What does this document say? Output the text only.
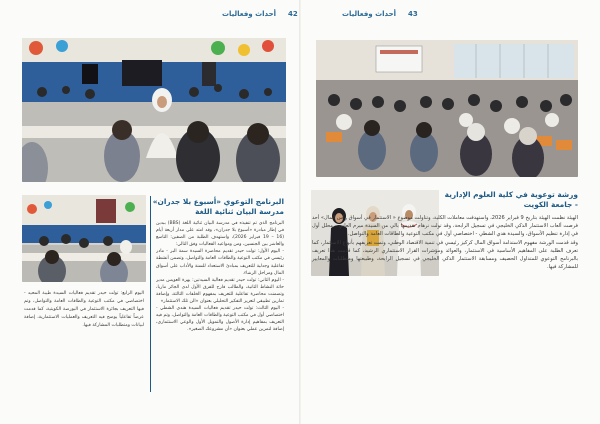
42
أحداث وفعاليات	43
أحداث وفعاليات
البرنامج التوعوي «أسبوع بلا جدران» مدرسة البيان ثنائية اللغة

البرنامج الذي تم تنفيذه في مدرسة البيان ثنائية اللغة (BBS) ببدين في إطار مبادرة «أسبوع بلا جدران»، وقد امتد على مدار أربعة أيام (16 – 19 فبراير 2026)، واستهدف الطلبة من الصفين: التاسع والعاشر بين الجنسين، ومن ومواعيد الفعاليات وفق التالي:

- اليوم الأول: تولت حيدر تقديم محاضرة السيدة سمة البر - مادر رئيسي في مكتب التوعية والطاقات العامة والتواصل، وتضمن أنشطة تفاعلية وجدلية للتعريف بمبادئ الاستعداد للسنة والأداب على أسواق المال ومراحل الرشاء.

- اليوم الثاني: تولت حيدر تقديم فعالية السيدتين: يهرة العويس مدير حاثة النشاط الثانية، والطالب فارح للفرق الأول لدى الجائر ماريا، وتضمنت محاضرة تفاعلية للتعريف بمفهوم الخلفات الثالثة، وإضافة تمارين تطبيقي لتعزيز التفكير التحليلي بعنوان «الن تلك الاستثمار»

- اليوم الثالث: تولت حيدر تقديم فعاليات السيدة هندي الشطي - اختصاصي أول في مكتب التوعية والطاقات العامة والتواصل، وتم فيه التعريف بمفاهيم إدارة الأصول والتمويل الأول والوعي الاستثماري، إضافة لتمرين عملي بعنوان «أن مشروعك الصغير».

اليوم الرابع: تولت حيدر تقديم فعاليات السيدة طيبة المحيد - اختصاصي في مكتب التوعية والطاقات العامة والتواصل، وتم فيها التعريف بجائزة الاستثمار في البورصة الكويتية، كما قدمت عرضاً تفاعلياً يوضح فيه التعريف والعمليات الاستثمارية، إضافة لبيانات ومتطلبات المشاركة فيها.
ورشة توعوية في كلية العلوم الإدارية - جامعة الكويت

الهيئة نظمت الهيئة بتاريخ 9 فبراير 2026، واستهدفت معاملات الكلية، وتناولت موضوع « الاستثمار في أسواق رأس المال» أحد فرصت ألعاب الاستثمار الذكي الخليجي في تسجيل الرابحة، وقد تولت نرهام نقديمها بالي من السيدة ميرم العاني - محلل أول في إدارة تنظيم الأسواق، والسيدة هدي الشطي - اختصاصي أول في مكتب التوعية والطاقات العامة والتواصل.

وقد قدمت الورشة مفهوم الاستدامة أسواق المال كركيز رئيسي في تنمية الاقتصاد الوطني، وتمت تعريفهم بأنواع الاستثمار، كما تعرف الطلبة على المفاهيم الأساسية في الاستثمار، والعوائد ومؤشرات القرار الاستثماري الرشيد، كما قدمت هذا تعريف بالبرنامج التوعوي للمتداول الحصيف ومسابقة الاستثمار الذكي الخليجي في تسجيل الرابحة، وطبيعتها ومتطلبات والمعايير للمشاركة فيها.
